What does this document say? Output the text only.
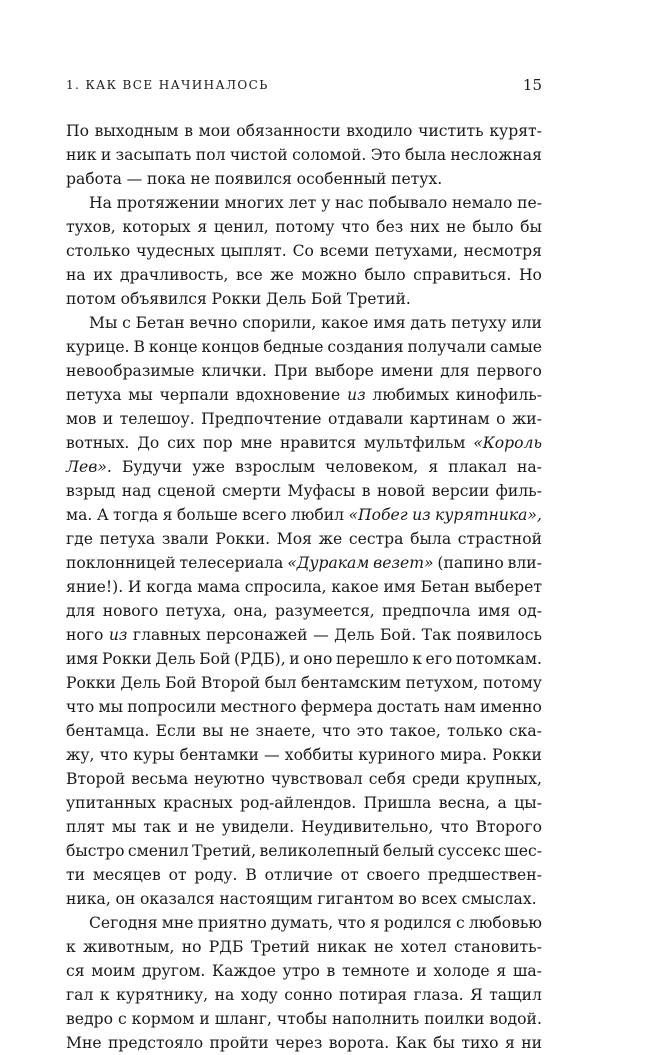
1. КАК ВСЕ НАЧИНАЛОСЬ	15
По выходным в мои обязанности входило чистить курят-
ник и засыпать пол чистой соломой. Это была несложная
работа — пока не появился особенный петух.
На протяжении многих лет у нас побывало немало пе-
тухов, которых я ценил, потому что без них не было бы
столько чудесных цыплят. Со всеми петухами, несмотря
на их драчливость, все же можно было справиться. Но
потом объявился Рокки Дель Бой Третий.
Мы с Бетан вечно спорили, какое имя дать петуху или
курице. В конце концов бедные создания получали самые
невообразимые клички. При выборе имени для первого
петуха мы черпали вдохновение из любимых кинофиль-
мов и телешоу. Предпочтение отдавали картинам о жи-
вотных. До сих пор мне нравится мультфильм «Король
Лев». Будучи уже взрослым человеком, я плакал на-
взрыд над сценой смерти Муфасы в новой версии филь-
ма. А тогда я больше всего любил «Побег из курятника»,
где петуха звали Рокки. Моя же сестра была страстной
поклонницей телесериала «Дуракам везет» (папино вли-
яние!). И когда мама спросила, какое имя Бетан выберет
для нового петуха, она, разумеется, предпочла имя од-
ного из главных персонажей — Дель Бой. Так появилось
имя Рокки Дель Бой (РДБ), и оно перешло к его потомкам.
Рокки Дель Бой Второй был бентамским петухом, потому
что мы попросили местного фермера достать нам именно
бентамца. Если вы не знаете, что это такое, только ска-
жу, что куры бентамки — хоббиты куриного мира. Рокки
Второй весьма неуютно чувствовал себя среди крупных,
упитанных красных род-айлендов. Пришла весна, а цы-
плят мы так и не увидели. Неудивительно, что Второго
быстро сменил Третий, великолепный белый суссекс шес-
ти месяцев от роду. В отличие от своего предшествен-
ника, он оказался настоящим гигантом во всех смыслах.
Сегодня мне приятно думать, что я родился с любовью
к животным, но РДБ Третий никак не хотел становить-
ся моим другом. Каждое утро в темноте и холоде я ша-
гал к курятнику, на ходу сонно потирая глаза. Я тащил
ведро с кормом и шланг, чтобы наполнить поилки водой.
Мне предстояло пройти через ворота. Как бы тихо я ни
